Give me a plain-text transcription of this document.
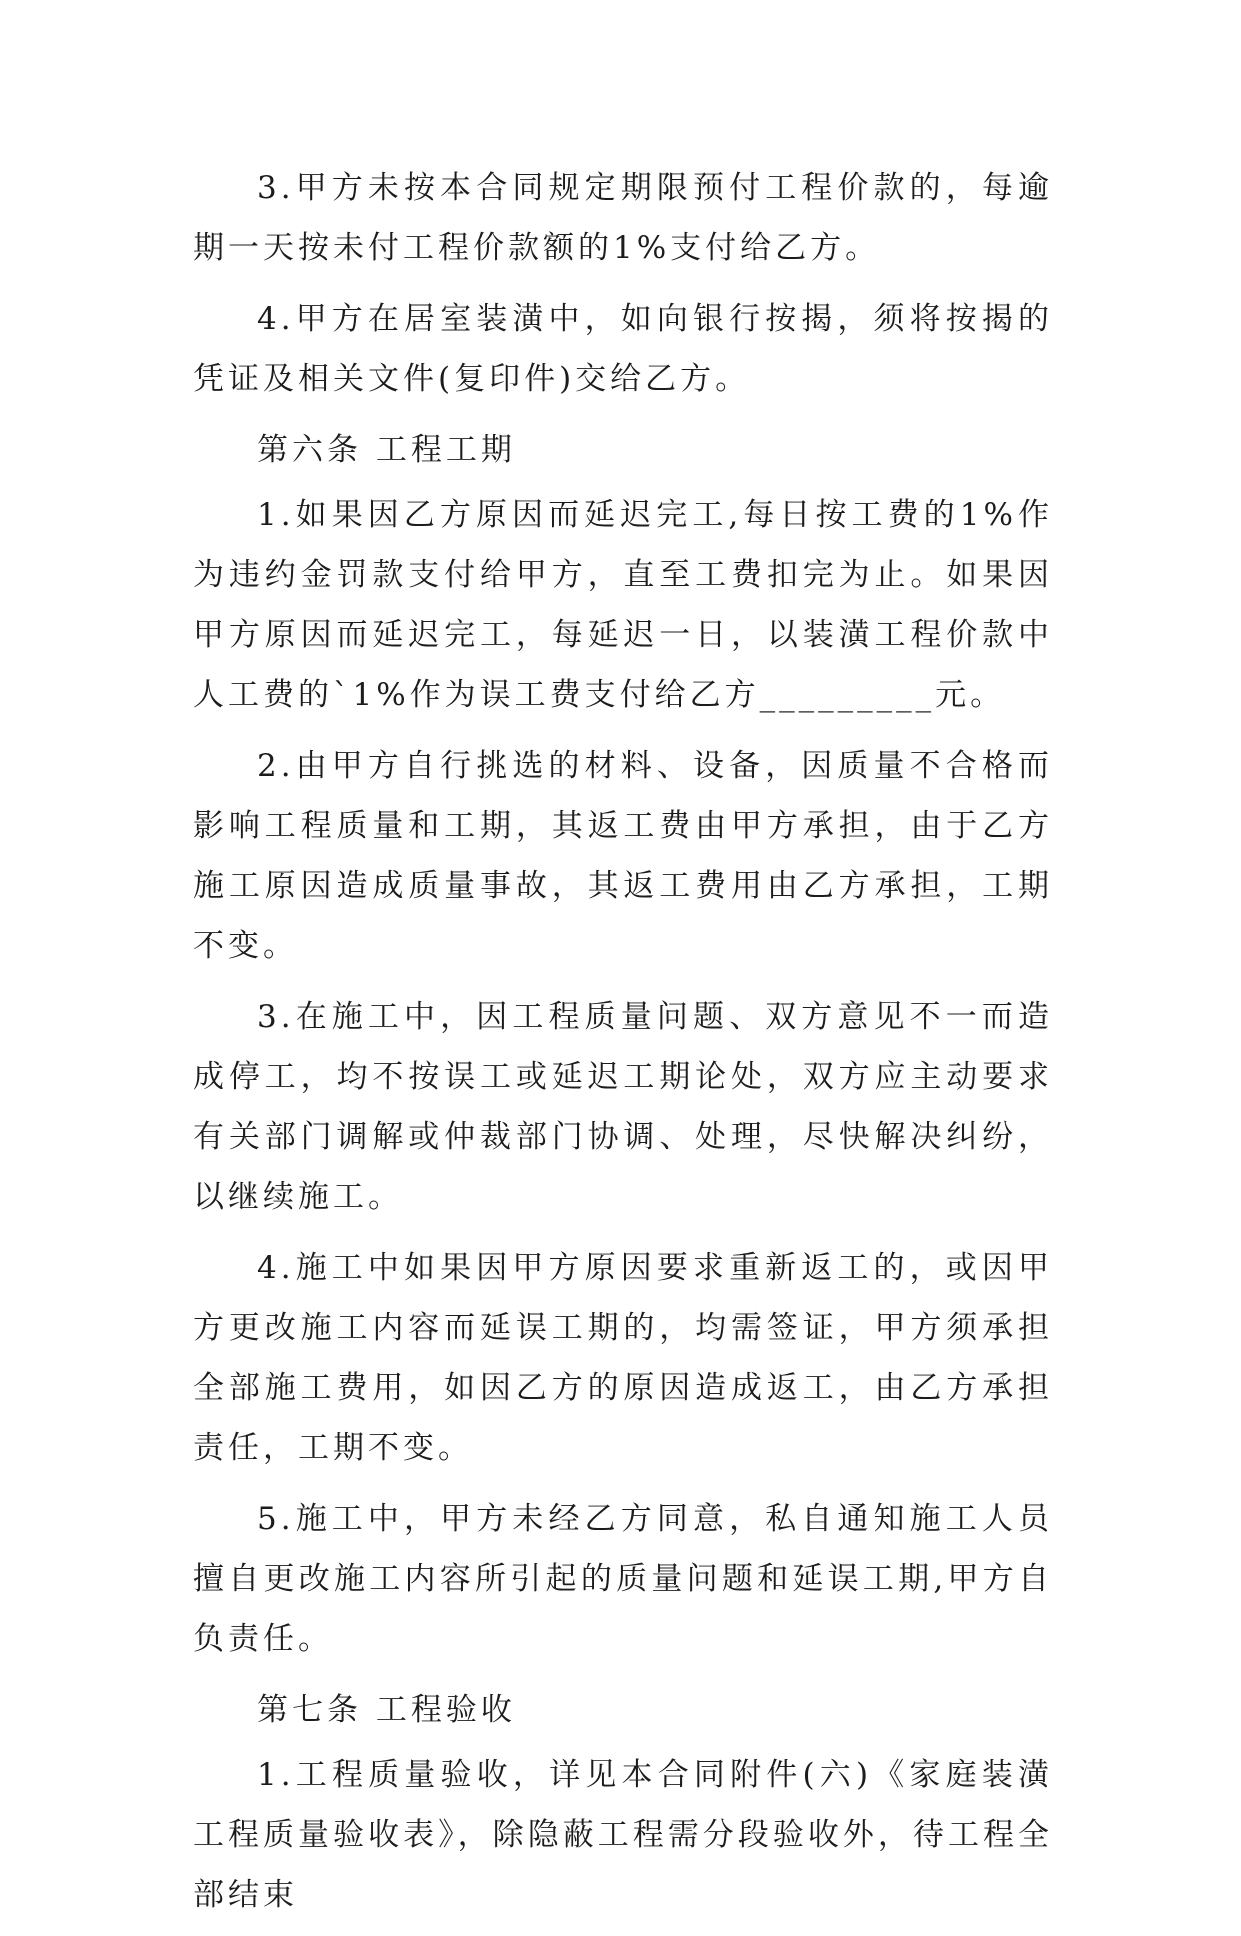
3.甲方未按本合同规定期限预付工程价款的，每逾期一天按未付工程价款额的1%支付给乙方。

4.甲方在居室装潢中，如向银行按揭，须将按揭的凭证及相关文件(复印件)交给乙方。

第六条 工程工期

1.如果因乙方原因而延迟完工,每日按工费的1%作为违约金罚款支付给甲方，直至工费扣完为止。如果因甲方原因而延迟完工，每延迟一日，以装潢工程价款中人工费的`1%作为误工费支付给乙方_________元。

2.由甲方自行挑选的材料、设备，因质量不合格而影响工程质量和工期，其返工费由甲方承担，由于乙方施工原因造成质量事故，其返工费用由乙方承担，工期不变。

3.在施工中，因工程质量问题、双方意见不一而造成停工，均不按误工或延迟工期论处，双方应主动要求有关部门调解或仲裁部门协调、处理，尽快解决纠纷，以继续施工。

4.施工中如果因甲方原因要求重新返工的，或因甲方更改施工内容而延误工期的，均需签证，甲方须承担全部施工费用，如因乙方的原因造成返工，由乙方承担责任，工期不变。

5.施工中，甲方未经乙方同意，私自通知施工人员擅自更改施工内容所引起的质量问题和延误工期,甲方自负责任。

第七条 工程验收

1.工程质量验收，详见本合同附件(六)《家庭装潢工程质量验收表》，除隐蔽工程需分段验收外，待工程全部结束
